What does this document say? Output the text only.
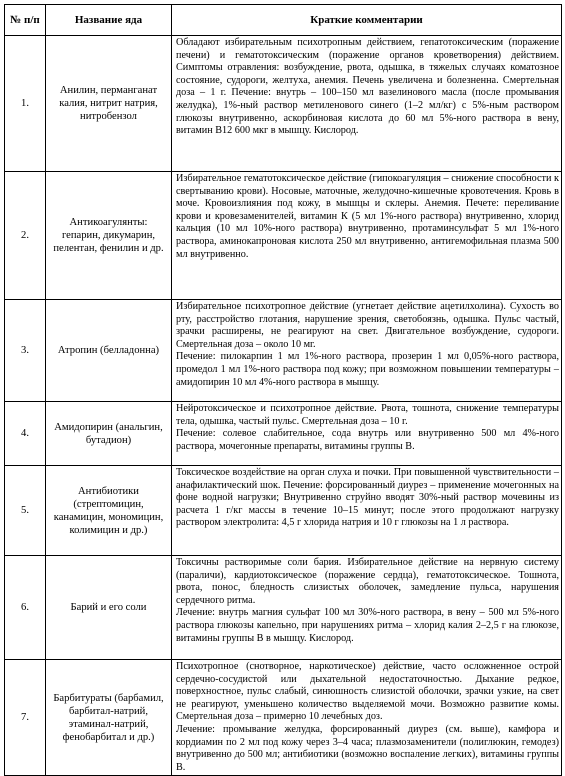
№ п/п	Название яда	Краткие комментарии
1.	Анилин, перманганат калия, нитрит натрия, нитробензол	Обладают избирательным психотропным действием, гепатотоксическим (поражение печени) и гематотоксическим (поражение органов кроветворения) действием. Симптомы отравления: возбуждение, рвота, одышка, в тяжелых случаях коматозное состояние, судороги, желтуха, анемия. Печень увеличена и болезненна. Смертельная доза – 1 г. Печение: внутрь – 100–150 мл вазелинового масла (после промывания желудка), 1%-ный раствор метиленового синего (1–2 мл/кг) с 5%-ным раствором глюкозы внутривенно, аскорбиновая кислота до 60 мл 5%-ного раствора в вену, витамин В12 600 мкг в мышцу. Кислород.

2.	Антикоагулянты: гепарин, дикумарин, пелентан, фенилин и др.	Избирательное гематотоксическое действие (гипокоагуляция – снижение способности к свертыванию крови). Носовые, маточные, желудочно-кишечные кровотечения. Кровь в моче. Кровоизлияния под кожу, в мышцы и склеры. Анемия. Печете: переливание крови и кровезаменителей, витамин К (5 мл 1%-ного раствора) внутривенно, хлорид кальция (10 мл 10%-ного раствора) внутривенно, протаминсульфат 5 мл 1%-ного раствора, аминокапроновая кислота 250 мл внутривенно, антигемофильная плазма 500 мл внутривенно.

3.	Атропин (белладонна)	Избирательное психотропное действие (угнетает действие ацетилхолина). Сухость во рту, расстройство глотания, нарушение зрения, светобоязнь, одышка. Пульс частый, зрачки расширены, не реагируют на свет. Двигательное возбуждение, судороги. Смертельная доза – около 10 мг.
Печение: пилокарпин 1 мл 1%-ного раствора, прозерин 1 мл 0,05%-ного раствора, промедол 1 мл 1%-ного раствора под кожу; при возможном повышении температуры – амидопирин 10 мл 4%-ного раствора в мышцу.

4.	Амидопирин (анальгин, бутадион)	Нейротоксическое и психотропное действие. Рвота, тошнота, снижение температуры тела, одышка, частый пульс. Смертельная доза – 10 г.
Печение: солевое слабительное, сода внутрь или внутривенно 500 мл 4%-ного раствора, мочегонные препараты, витамины группы В.

5.	Антибиотики (стрептомицин, канамицин, мономицин, колимицин и др.)	Токсическое воздействие на орган слуха и почки. При повышенной чувствительности – анафилактический шок. Печение: форсированный диурез – применение мочегонных на фоне водной нагрузки; Внутривенно струйно вводят 30%-ный раствор мочевины из расчета 1 г/кг массы в течение 10–15 минут; после этого продолжают нагрузку раствором электролита: 4,5 г хлорида натрия и 10 г глюкозы на 1 л раствора.

6.	Барий и его соли	Токсичны растворимые соли бария. Избирательное действие на нервную систему (параличи), кардиотоксическое (поражение сердца), гематотоксическое. Тошнота, рвота, понос, бледность слизистых оболочек, замедление пульса, нарушения сердечного ритма.
Лечение: внутрь магния сульфат 100 мл 30%-ного раствора, в вену – 500 мл 5%-ного раствора глюкозы капельно, при нарушениях ритма – хлорид калия 2–2,5 г на глюкозе, витамины группы В в мышцу. Кислород.

7.	Барбитураты (барбамил, барбитал-натрий, этаминал-натрий, фенобарбитал и др.)	Психотропное (снотворное, наркотическое) действие, часто осложненное острой сердечно-сосудистой или дыхательной недостаточностью. Дыхание редкое, поверхностное, пульс слабый, синюшность слизистой оболочки, зрачки узкие, на свет не реагируют, уменьшено количество выделяемой мочи. Возможно развитие комы. Смертельная доза – примерно 10 лечебных доз.
Лечение: промывание желудка, форсированный диурез (см. выше), камфора и кордиамин по 2 мл под кожу через 3–4 часа; плазмозаменители (полиглюкин, гемодез) внутривенно до 500 мл; антибиотики (возможно воспаление легких), витамины группы В.
